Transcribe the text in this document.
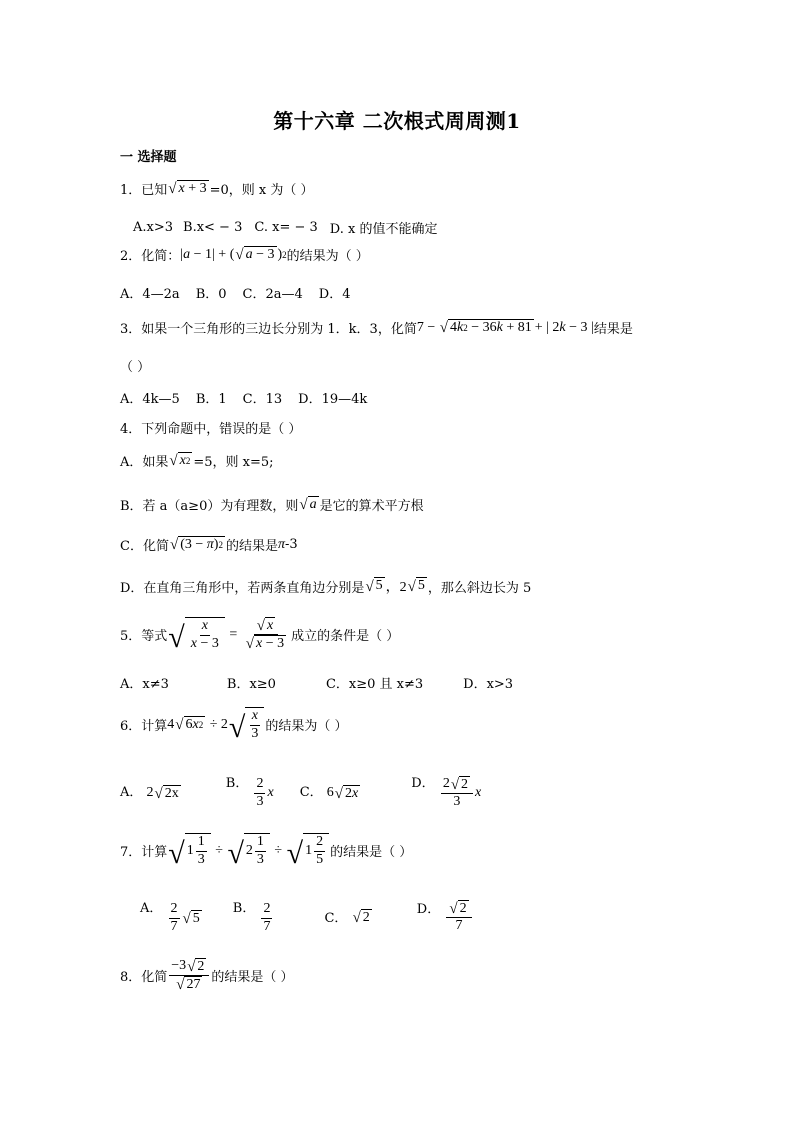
第十六章 二次根式周周测1
一 选择题
1．已知 √ x + 3 =0，则 x 为（ ）
A.x>3 B.x< − 3 C. x= − 3 D. x 的值不能确定
2．化简： | a − 1| + ( √ a − 3 ) 2 的结果为（ ）
A．4—2a B．0 C．2a—4 D．4
3．如果一个三角形的三边长分别为 1．k．3，化简 7 − √ 4 k 2 − 36 k + 81 + | 2 k − 3 | 结果是
（ ）
A．4k—5 B．1 C．13 D．19—4k
4．下列命题中，错误的是（ ）
A．如果 √ x 2 =5，则 x=5;
B．若 a（a≥0）为有理数，则 √ a 是它的算术平方根
C．化简 √ (3 − π ) 2 的结果是 π -3
D．在直角三角形中，若两条直角边分别是 √ 5 ，2 √ 5 ，那么斜边长为 5
5．等式 √ $\frac{x}{x - 3} = \frac{√ x}{√ x - 3}$ 成立的条件是（ ）
A．x≠3	B．x≥0	C．x≥0 且 x≠3	D．x>3
6．计算 4 √ 6 x 2 ÷ 2 √ $\frac{x}{3}$ 的结果为（ ）
A． 2 √ 2x
B． $\frac{2}{3}$ x C． 6 √ 2 x
D． $\frac{2 √ 2}{3}$ x
7．计算 √ $1 \frac{1}{3}$ ÷ √ $2 \frac{1}{3}$ ÷ √ $1 \frac{2}{5}$ 的结果是（ ）
A． $\frac{2}{7}$ √ 5
B． $\frac{2}{7}$	C． √ 2
D． $\frac{√ 2}{7}$
8．化简 $\frac{-3 √ 2}{√ 27}$ 的结果是（ ）
